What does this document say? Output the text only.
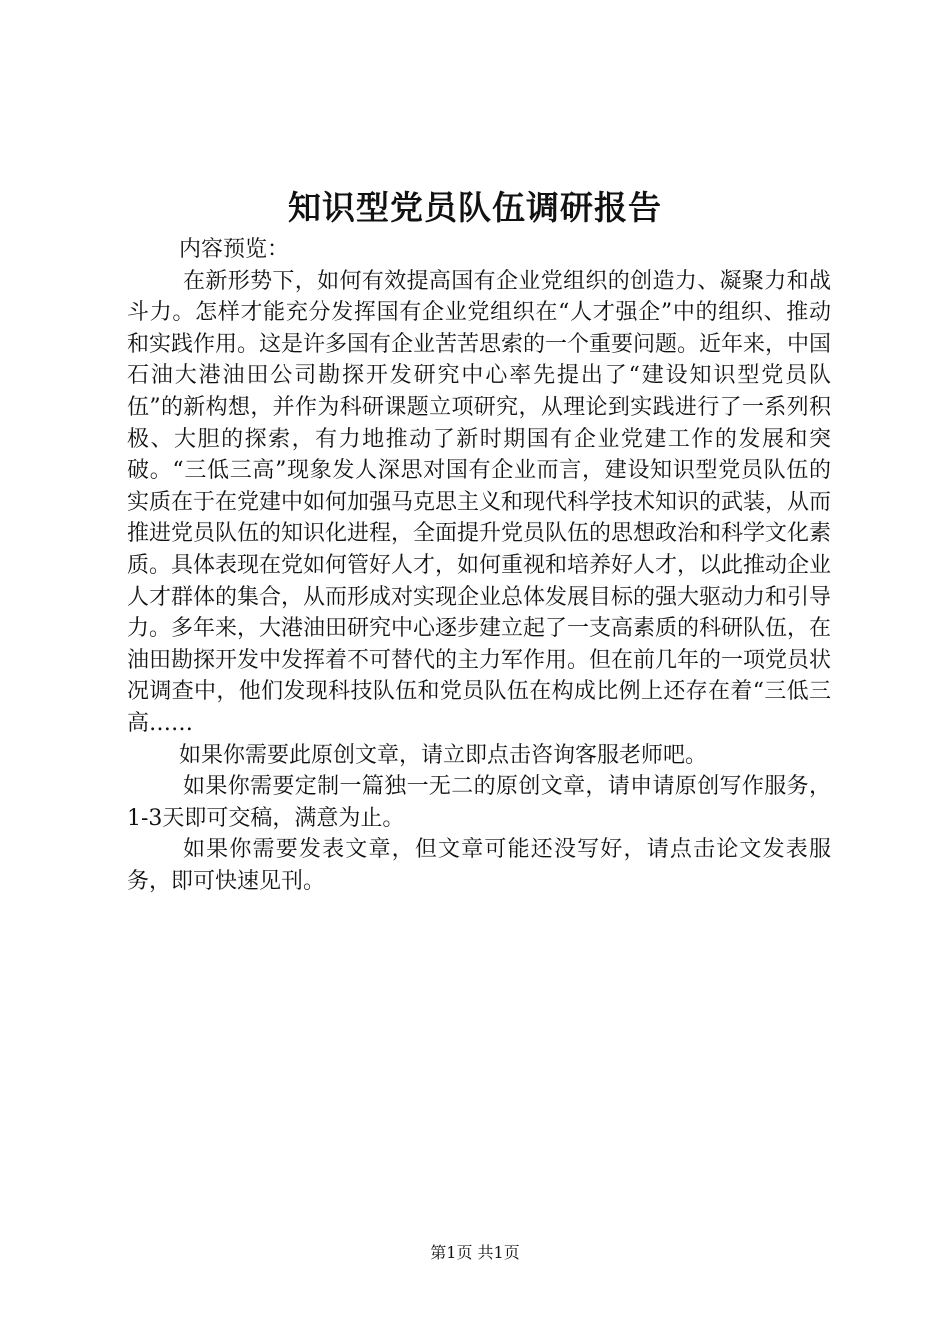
知识型党员队伍调研报告

内容预览：

在新形势下，如何有效提高国有企业党组织的创造力、凝聚力和战斗力。怎样才能充分发挥国有企业党组织在“人才强企”中的组织、推动和实践作用。这是许多国有企业苦苦思索的一个重要问题。近年来，中国石油大港油田公司勘探开发研究中心率先提出了“建设知识型党员队伍”的新构想，并作为科研课题立项研究，从理论到实践进行了一系列积极、大胆的探索，有力地推动了新时期国有企业党建工作的发展和突破。“三低三高”现象发人深思对国有企业而言，建设知识型党员队伍的实质在于在党建中如何加强马克思主义和现代科学技术知识的武装，从而推进党员队伍的知识化进程，全面提升党员队伍的思想政治和科学文化素质。具体表现在党如何管好人才，如何重视和培养好人才，以此推动企业人才群体的集合，从而形成对实现企业总体发展目标的强大驱动力和引导力。多年来，大港油田研究中心逐步建立起了一支高素质的科研队伍，在油田勘探开发中发挥着不可替代的主力军作用。但在前几年的一项党员状况调查中，他们发现科技队伍和党员队伍在构成比例上还存在着“三低三高……

如果你需要此原创文章，请立即点击咨询客服老师吧。

如果你需要定制一篇独一无二的原创文章，请申请原创写作服务，1-3天即可交稿，满意为止。

如果你需要发表文章，但文章可能还没写好，请点击论文发表服务，即可快速见刊。

第1页 共1页
